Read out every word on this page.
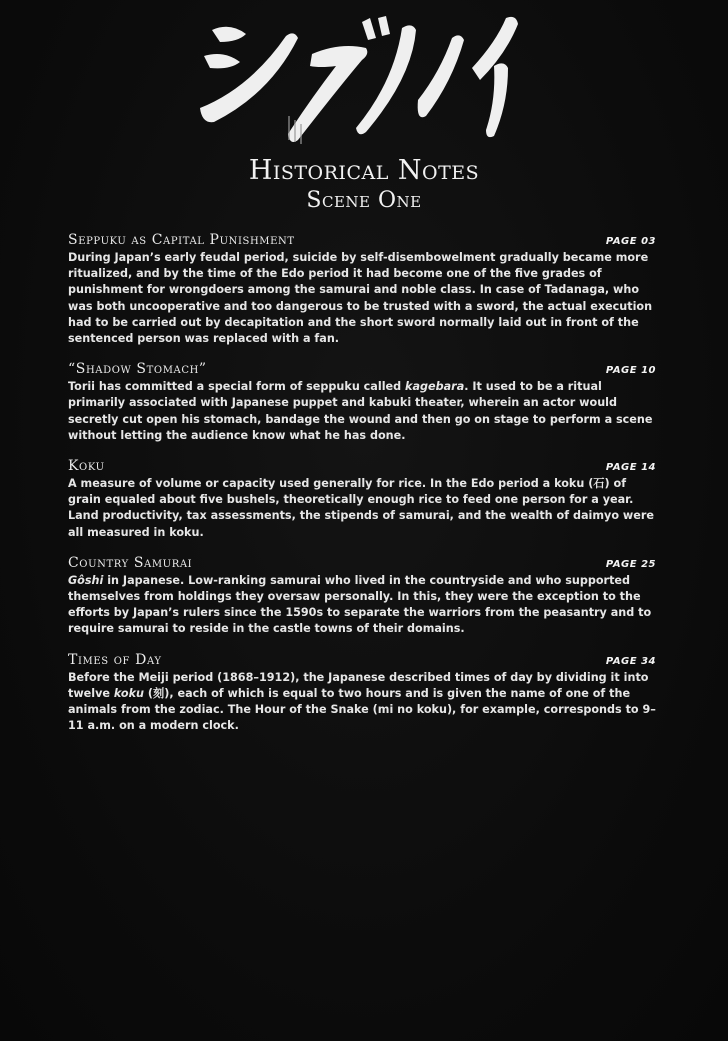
Historical Notes
Scene One
Seppuku as Capital Punishment	PAGE 03

During Japan’s early feudal period, suicide by self-disembowelment gradually became more ritualized, and by the time of the Edo period it had become one of the five grades of punishment for wrongdoers among the samurai and noble class. In case of Tadanaga, who was both uncooperative and too dangerous to be trusted with a sword, the actual execution had to be carried out by decapitation and the short sword normally laid out in front of the sentenced person was replaced with a fan.

“Shadow Stomach”	PAGE 10

Torii has committed a special form of seppuku called kagebara. It used to be a ritual primarily associated with Japanese puppet and kabuki theater, wherein an actor would secretly cut open his stomach, bandage the wound and then go on stage to perform a scene without letting the audience know what he has done.

Koku	PAGE 14

A measure of volume or capacity used generally for rice. In the Edo period a koku (石) of grain equaled about five bushels, theoretically enough rice to feed one person for a year. Land productivity, tax assessments, the stipends of samurai, and the wealth of daimyo were all measured in koku.

Country Samurai	PAGE 25

Gôshi in Japanese. Low-ranking samurai who lived in the countryside and who supported themselves from holdings they oversaw personally. In this, they were the exception to the efforts by Japan’s rulers since the 1590s to separate the warriors from the peasantry and to require samurai to reside in the castle towns of their domains.

Times of Day	PAGE 34

Before the Meiji period (1868–1912), the Japanese described times of day by dividing it into twelve koku (刻), each of which is equal to two hours and is given the name of one of the animals from the zodiac. The Hour of the Snake (mi no koku), for example, corresponds to 9–11 a.m. on a modern clock.
